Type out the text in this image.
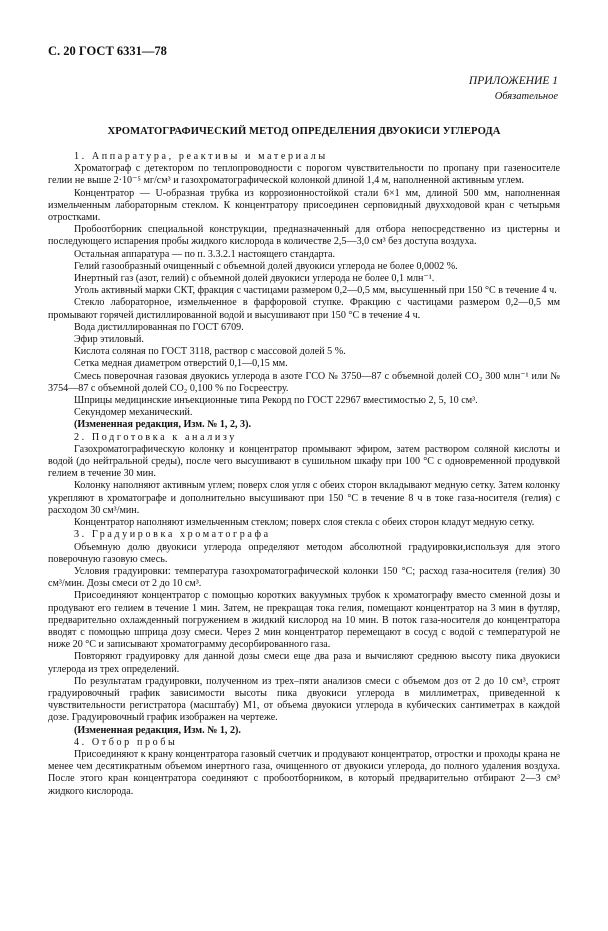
С. 20 ГОСТ 6331—78
ПРИЛОЖЕНИЕ 1
Обязательное
ХРОМАТОГРАФИЧЕСКИЙ МЕТОД ОПРЕДЕЛЕНИЯ ДВУОКИСИ УГЛЕРОДА

1. Аппаратура, реактивы и материалы

Хроматограф с детектором по теплопроводности с порогом чувствительности по пропану при газеносителе гелии не выше 2·10⁻⁵ мг/см³ и газохроматографической колонкой длиной 1,4 м, наполненной активным углем.

Концентратор — U-образная трубка из коррозионностойкой стали 6×1 мм, длиной 500 мм, наполненная измельченным лабораторным стеклом. К концентратору присоединен серповидный двухходовой кран с четырьмя отростками.

Пробоотборник специальной конструкции, предназначенный для отбора непосредственно из цистерны и последующего испарения пробы жидкого кислорода в количестве 2,5—3,0 см³ без доступа воздуха.

Остальная аппаратура — по п. 3.3.2.1 настоящего стандарта.

Гелий газообразный очищенный с объемной долей двуокиси углерода не более 0,0002 %.

Инертный газ (азот, гелий) с объемной долей двуокиси углерода не более 0,1 млн⁻¹.

Уголь активный марки СКТ, фракция с частицами размером 0,2—0,5 мм, высушенный при 150 °С в течение 4 ч.

Стекло лабораторное, измельченное в фарфоровой ступке. Фракцию с частицами размером 0,2—0,5 мм промывают горячей дистиллированной водой и высушивают при 150 °С в течение 4 ч.

Вода дистиллированная по ГОСТ 6709.

Эфир этиловый.

Кислота соляная по ГОСТ 3118, раствор с массовой долей 5 %.

Сетка медная диаметром отверстий 0,1—0,15 мм.

Смесь поверочная газовая двуокись углерода в азоте ГСО № 3750—87 с объемной долей CO₂ 300 млн⁻¹ или № 3754—87 с объемной долей CO₂ 0,100 % по Госреестру.

Шприцы медицинские инъекционные типа Рекорд по ГОСТ 22967 вместимостью 2, 5, 10 см³.

Секундомер механический.

(Измененная редакция, Изм. № 1, 2, 3).

2. Подготовка к анализу

Газохроматографическую колонку и концентратор промывают эфиром, затем раствором соляной кислоты и водой (до нейтральной среды), после чего высушивают в сушильном шкафу при 100 °С с одновременной продувкой гелием в течение 30 мин.

Колонку наполняют активным углем; поверх слоя угля с обеих сторон вкладывают медную сетку. Затем колонку укрепляют в хроматографе и дополнительно высушивают при 150 °С в течение 8 ч в токе газа-носителя (гелия) с расходом 30 см³/мин.

Концентратор наполняют измельченным стеклом; поверх слоя стекла с обеих сторон кладут медную сетку.

3. Градуировка хроматографа

Объемную долю двуокиси углерода определяют методом абсолютной градуировки,используя для этого поверочную газовую смесь.

Условия градуировки: температура газохроматографической колонки 150 °С; расход газа-носителя (гелия) 30 см³/мин. Дозы смеси от 2 до 10 см³.

Присоединяют концентратор с помощью коротких вакуумных трубок к хроматографу вместо сменной дозы и продувают его гелием в течение 1 мин. Затем, не прекращая тока гелия, помещают концентратор на 3 мин в футляр, предварительно охлажденный погружением в жидкий кислород на 10 мин. В поток газа-носителя до концентратора вводят с помощью шприца дозу смеси. Через 2 мин концентратор перемещают в сосуд с водой с температурой не ниже 20 °С и записывают хроматограмму десорбированного газа.

Повторяют градуировку для данной дозы смеси еще два раза и вычисляют среднюю высоту пика двуокиси углерода из трех определений.

По результатам градуировки, полученном из трех–пяти анализов смеси с объемом доз от 2 до 10 см³, строят градуировочный график зависимости высоты пика двуокиси углерода в миллиметрах, приведенной к чувствительности регистратора (масштабу) М1, от объема двуокиси углерода в кубических сантиметрах в каждой дозе. Градуировочный график изображен на чертеже.

(Измененная редакция, Изм. № 1, 2).

4. Отбор пробы

Присоединяют к крану концентратора газовый счетчик и продувают концентратор, отростки и проходы крана не менее чем десятикратным объемом инертного газа, очищенного от двуокиси углерода, до полного удаления воздуха. После этого кран концентратора соединяют с пробоотборником, в который предварительно отбирают 2—3 см³ жидкого кислорода.
